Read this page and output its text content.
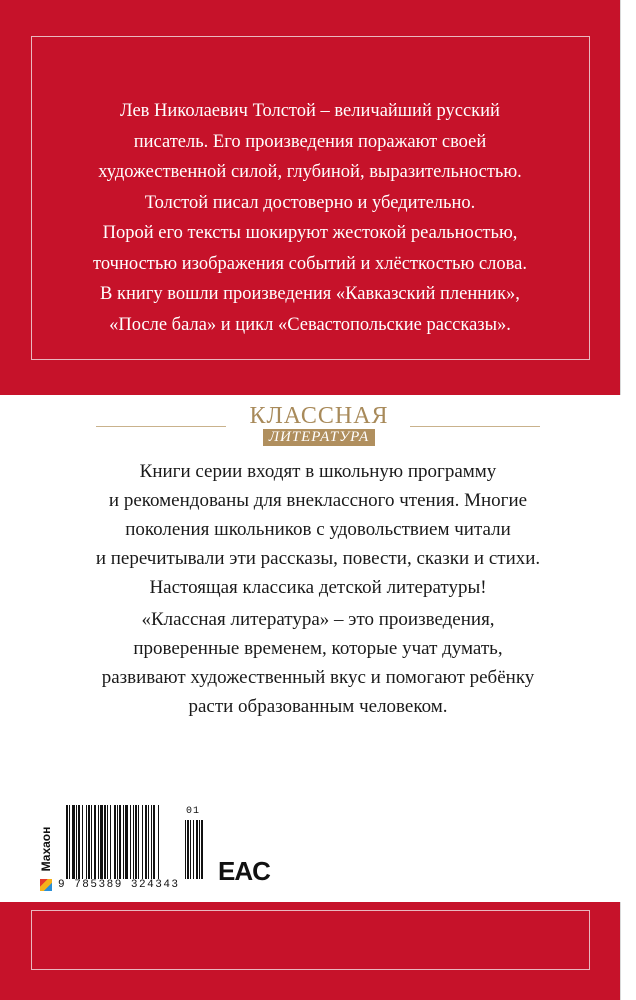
Лев Николаевич Толстой – величайший русский
писатель. Его произведения поражают своей
художественной силой, глубиной, выразительностью.
Толстой писал достоверно и убедительно.
Порой его тексты шокируют жестокой реальностью,
точностью изображения событий и хлёсткостью слова.
В книгу вошли произведения «Кавказский пленник»,
«После бала» и цикл «Севастопольские рассказы».
КЛАССНАЯ
ЛИТЕРАТУРА
Книги серии входят в школьную программу
и рекомендованы для внеклассного чтения. Многие
поколения школьников с удовольствием читали
и перечитывали эти рассказы, повести, сказки и стихи.
Настоящая классика детской литературы!
«Классная литература» – это произведения,
проверенные временем, которые учат думать,
развивают художественный вкус и помогают ребёнку
расти образованным человеком.
Махаон
9 785389 324343
01
EAC
